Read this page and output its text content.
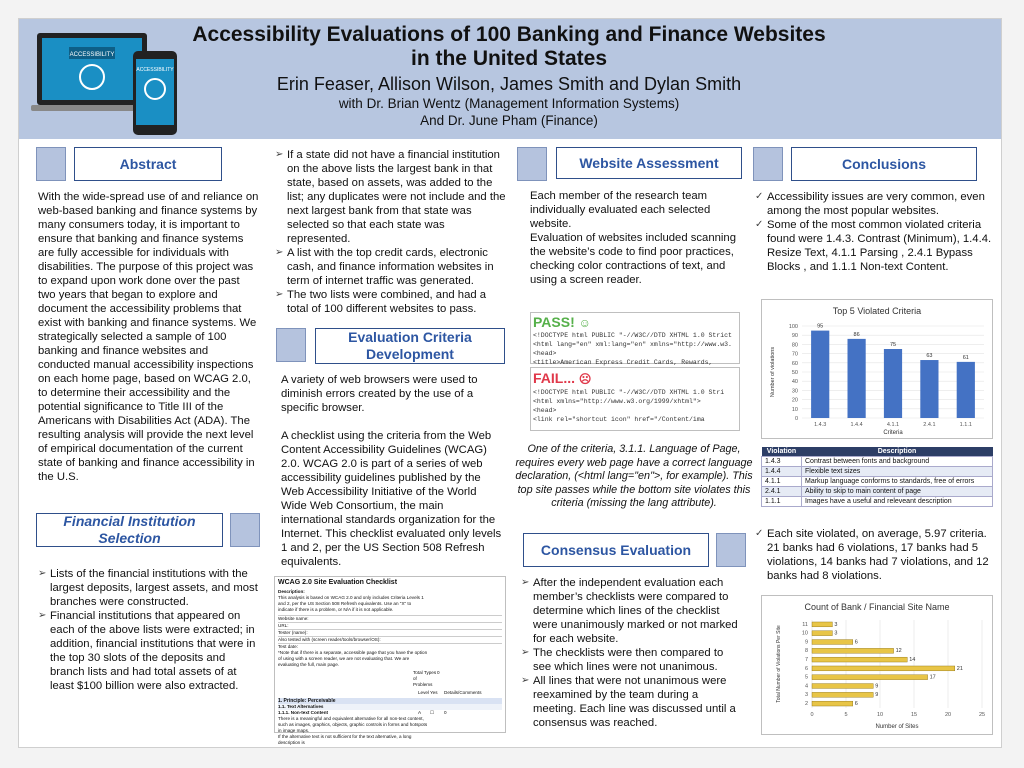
ACCESSIBILITY
ACCESSIBILITY
Accessibility Evaluations of 100 Banking and Finance Websites
in the United States
Erin Feaser, Allison Wilson, James Smith and Dylan Smith
with Dr. Brian Wentz (Management Information Systems)
And Dr. June Pham (Finance)
Abstract
With the wide-spread use of and reliance on web-based banking and finance systems by many consumers today, it is important to ensure that banking and finance systems are fully accessible for individuals with disabilities. The purpose of this project was to expand upon work done over the past two years that began to explore and document the accessibility problems that exist with banking and finance systems. We strategically selected a sample of 100 banking and finance websites and conducted manual accessibility inspections on each home page, based on WCAG 2.0, to determine their accessibility and the potential significance to Title III of the Americans with Disabilities Act (ADA). The resulting analysis will provide the next level of empirical documentation of the current state of banking and finance accessibility in the U.S.
Financial Institution Selection
➢ Lists of the financial institutions with the largest deposits, largest assets, and most branches were constructed.
➢ Financial institutions that appeared on each of the above lists were extracted; in addition, financial institutions that were in the top 30 slots of the deposits and branch lists and had total assets of at least $100 billion were also extracted.
➢ If a state did not have a financial institution on the above lists the largest bank in that state, based on assets, was added to the list; any duplicates were not include and the next largest bank from that state was selected so that each state was represented.
➢ A list with the top credit cards, electronic cash, and finance information websites in term of internet traffic was generated.
➢ The two lists were combined, and had a total of 100 different websites to pass.
Evaluation Criteria Development
A variety of web browsers were used to diminish errors created by the use of a specific browser.
A checklist using the criteria from the Web Content Accessibility Guidelines (WCAG) 2.0. WCAG 2.0 is part of a series of web accessibility guidelines published by the Web Accessibility Initiative of the World Wide Web Consortium, the main international standards organization for the Internet. This checklist evaluated only levels 1 and 2, per the US Section 508 Refresh equivalents.
WCAG 2.0 Site Evaluation Checklist
Description:
This analysis is based on WCAG 2.0 and only includes Criteria Levels 1 and 2, per the US Section 508 Refresh equivalents. Use an "X" to indicate if there is a problem, or N/A if it is not applicable.
Website name:
URL:
Tester (name):
Also tested with (screen reader/tools/browser/OS):
Test date:
*Note that if there is a separate, accessible page that you have the option of using with a screen reader, we are not evaluating that. We are evaluating the full, main page.
Total Types of Problems
0
Level Yes	Details/Comments
1. Principle: Perceivable
1.1. Text Alternatives
1.1.1. Non-text Content	A	☐	0
There is a meaningful and equivalent alternative for all non-text content, such as images, graphics, objects, graphic controls in forms and hotspots in image maps.
If the alternative text is not sufficient for the text alternative, a long description is
Website Assessment
Each member of the research team individually evaluated each selected website.
Evaluation of websites included scanning the website’s code to find poor practices, checking color contractions of text, and using a screen reader.
PASS! ☺
<!DOCTYPE html PUBLIC "-//W3C//DTD XHTML 1.0 Strict
<html lang="en" xml:lang="en" xmlns="http://www.w3.
<head>
<title>American Express Credit Cards, Rewards,
FAIL... ☹
<!DOCTYPE html PUBLIC "-//W3C//DTD XHTML 1.0 Stri
<html xmlns="http://www.w3.org/1999/xhtml">
<head>
<link rel="shortcut icon" href="/Content/ima
One of the criteria, 3.1.1. Language of Page, requires every web page have a correct language declaration, (<html lang="en">, for example). This top site passes while the bottom site violates this criteria (missing the lang attribute).
Consensus Evaluation
➢ After the independent evaluation each member’s checklists were compared to determine which lines of the checklist were unanimously marked or not marked for each website.
➢ The checklists were then compared to see which lines were not unanimous.
➢ All lines that were not unanimous were reexamined by the team during a meeting. Each line was discussed until a consensus was reached.
Conclusions
✓ Accessibility issues are very common, even among the most popular websites.
✓ Some of the most common violated criteria found were 1.4.3. Contrast (Minimum), 1.4.4. Resize Text, 4.1.1 Parsing , 2.4.1 Bypass Blocks , and 1.1.1 Non-text Content.
Top 5 Violated Criteria
0
10
20
30
40
50
60
70
80
90
100	95
1.4.3
86
1.4.4
75
4.1.1
63
2.4.1
61
1.1.1
Criteria
Number of violations
Violation	Description
1.4.3	Contrast between fonts and background
1.4.4	Flexible text sizes
4.1.1	Markup language conforms to standards, free of errors
2.4.1	Ability to skip to main content of page
1.1.1	Images have a useful and releveant description
✓ Each site violated, on average, 5.97 criteria. 21 banks had 6 violations, 17 banks had 5 violations, 14 banks had 7 violations, and 12 banks had 8 violations.
Count of Bank / Financial Site Name
0	5	10	15	20	25
6
2
9
3
9
4
17
5
21
6
14
7
12
8
6
9
3
10
3
11
Number of Sites
Total Number of Violations Per Site
